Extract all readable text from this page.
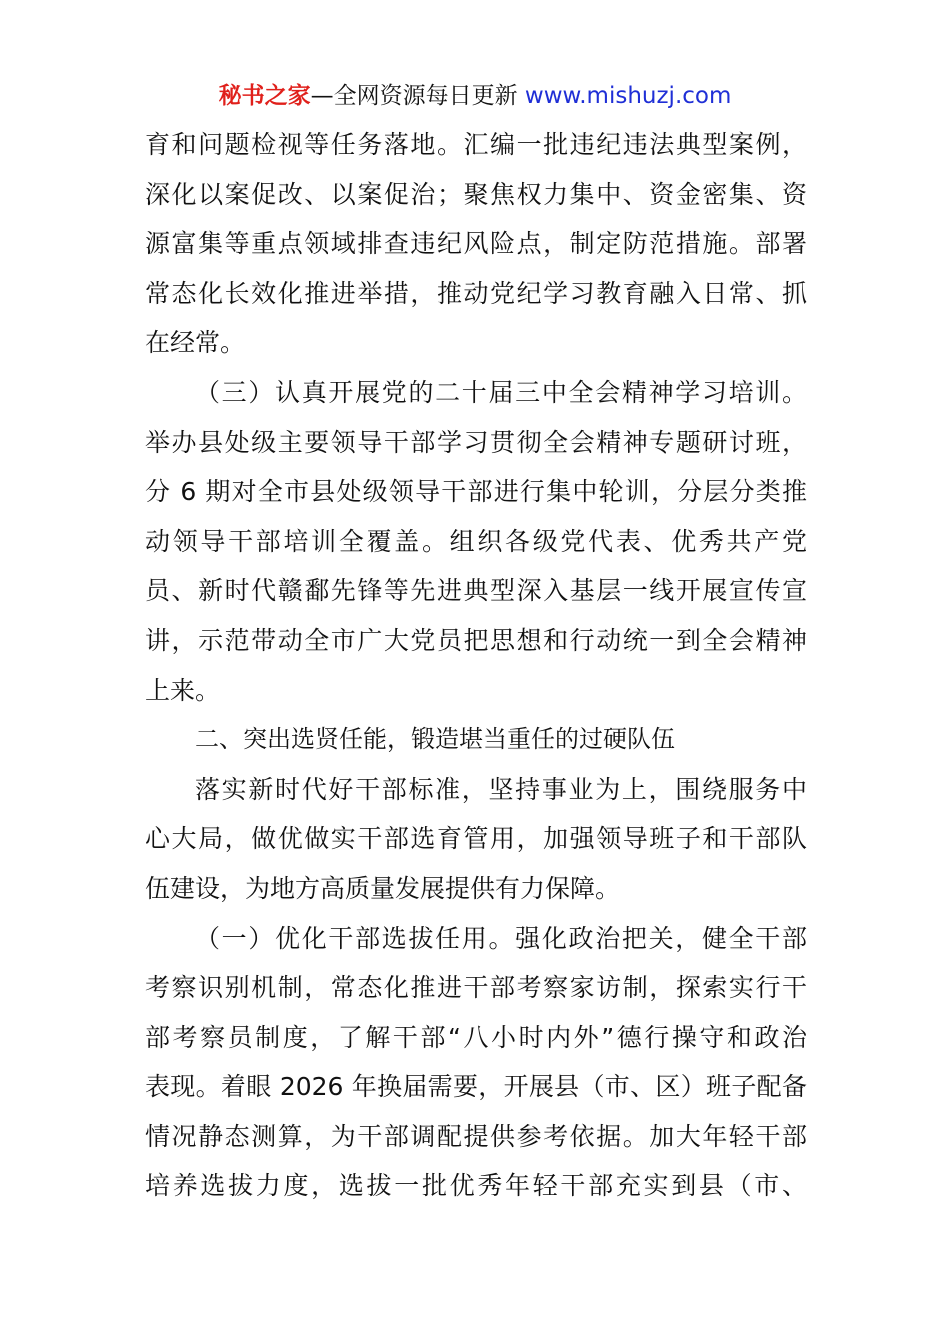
秘书之家—全网资源每日更新 www.mishuzj.com
育和问题检视等任务落地。汇编一批违纪违法典型案例，
深化以案促改、以案促治；聚焦权力集中、资金密集、资
源富集等重点领域排查违纪风险点，制定防范措施。部署
常态化长效化推进举措，推动党纪学习教育融入日常、抓
在经常。
（三）认真开展党的二十届三中全会精神学习培训。
举办县处级主要领导干部学习贯彻全会精神专题研讨班，
分 6 期对全市县处级领导干部进行集中轮训，分层分类推
动领导干部培训全覆盖。组织各级党代表、优秀共产党
员、新时代赣鄱先锋等先进典型深入基层一线开展宣传宣
讲，示范带动全市广大党员把思想和行动统一到全会精神
上来。
二、突出选贤任能，锻造堪当重任的过硬队伍
落实新时代好干部标准，坚持事业为上，围绕服务中
心大局，做优做实干部选育管用，加强领导班子和干部队
伍建设，为地方高质量发展提供有力保障。
（一）优化干部选拔任用。强化政治把关，健全干部
考察识别机制，常态化推进干部考察家访制，探索实行干
部考察员制度，了解干部“八小时内外”德行操守和政治
表现。着眼 2026 年换届需要，开展县（市、区）班子配备
情况静态测算，为干部调配提供参考依据。加大年轻干部
培养选拔力度，选拔一批优秀年轻干部充实到县（市、
